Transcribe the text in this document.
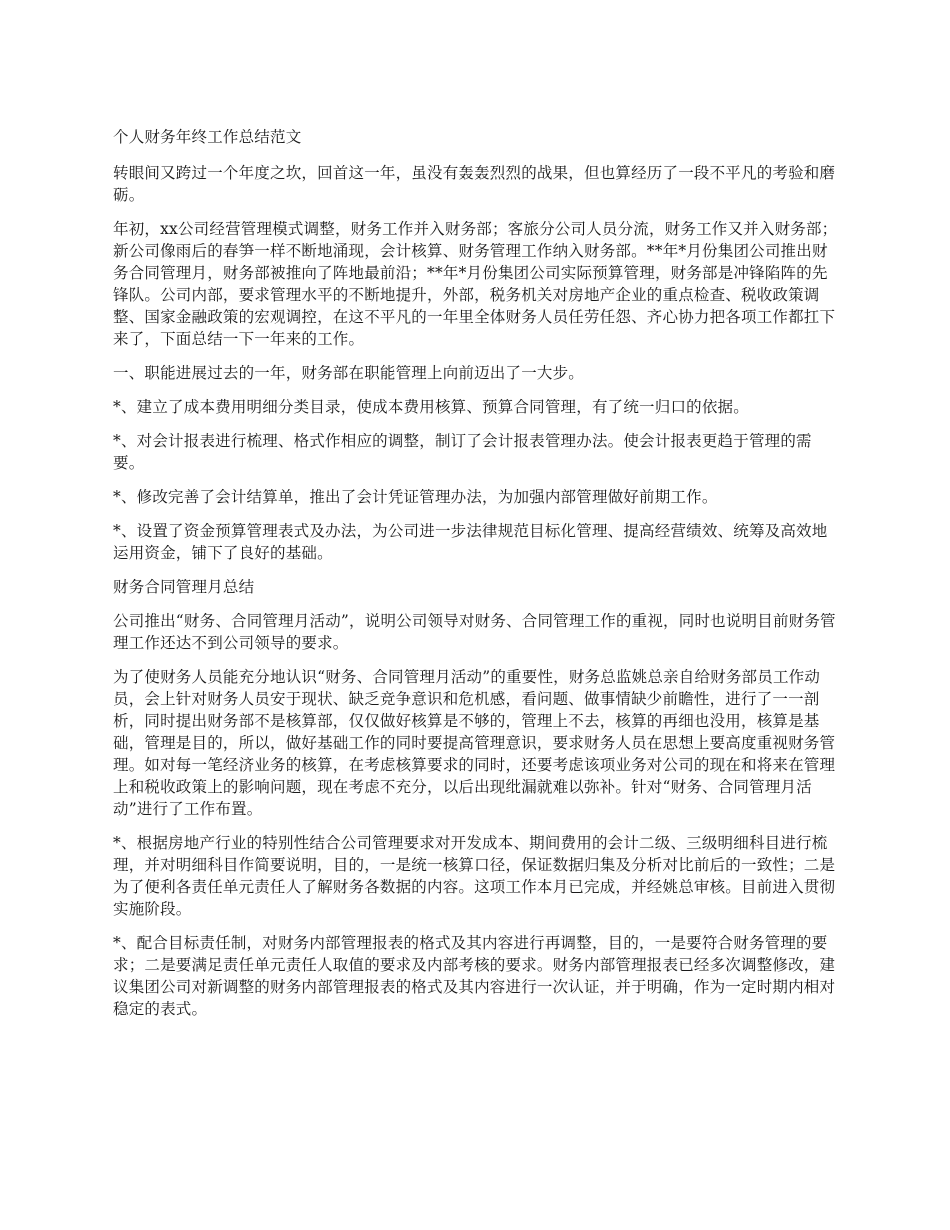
个人财务年终工作总结范文

转眼间又跨过一个年度之坎，回首这一年，虽没有轰轰烈烈的战果，但也算经历了一段不平凡的考验和磨砺。

年初，xx公司经营管理模式调整，财务工作并入财务部；客旅分公司人员分流，财务工作又并入财务部；新公司像雨后的春笋一样不断地涌现，会计核算、财务管理工作纳入财务部。**年*月份集团公司推出财务合同管理月，财务部被推向了阵地最前沿；**年*月份集团公司实际预算管理，财务部是冲锋陷阵的先锋队。公司内部，要求管理水平的不断地提升，外部，税务机关对房地产企业的重点检查、税收政策调整、国家金融政策的宏观调控，在这不平凡的一年里全体财务人员任劳任怨、齐心协力把各项工作都扛下来了，下面总结一下一年来的工作。

一、职能进展过去的一年，财务部在职能管理上向前迈出了一大步。

*、建立了成本费用明细分类目录，使成本费用核算、预算合同管理，有了统一归口的依据。

*、对会计报表进行梳理、格式作相应的调整，制订了会计报表管理办法。使会计报表更趋于管理的需要。

*、修改完善了会计结算单，推出了会计凭证管理办法，为加强内部管理做好前期工作。

*、设置了资金预算管理表式及办法，为公司进一步法律规范目标化管理、提高经营绩效、统筹及高效地运用资金，铺下了良好的基础。

财务合同管理月总结

公司推出“财务、合同管理月活动”，说明公司领导对财务、合同管理工作的重视，同时也说明目前财务管理工作还达不到公司领导的要求。

为了使财务人员能充分地认识“财务、合同管理月活动”的重要性，财务总监姚总亲自给财务部员工作动员，会上针对财务人员安于现状、缺乏竞争意识和危机感，看问题、做事情缺少前瞻性，进行了一一剖析，同时提出财务部不是核算部，仅仅做好核算是不够的，管理上不去，核算的再细也没用，核算是基础，管理是目的，所以，做好基础工作的同时要提高管理意识，要求财务人员在思想上要高度重视财务管理。如对每一笔经济业务的核算，在考虑核算要求的同时，还要考虑该项业务对公司的现在和将来在管理上和税收政策上的影响问题，现在考虑不充分，以后出现纰漏就难以弥补。针对“财务、合同管理月活动”进行了工作布置。

*、根据房地产行业的特别性结合公司管理要求对开发成本、期间费用的会计二级、三级明细科目进行梳理，并对明细科目作简要说明，目的，一是统一核算口径，保证数据归集及分析对比前后的一致性；二是为了便利各责任单元责任人了解财务各数据的内容。这项工作本月已完成，并经姚总审核。目前进入贯彻实施阶段。

*、配合目标责任制，对财务内部管理报表的格式及其内容进行再调整，目的，一是要符合财务管理的要求；二是要满足责任单元责任人取值的要求及内部考核的要求。财务内部管理报表已经多次调整修改，建议集团公司对新调整的财务内部管理报表的格式及其内容进行一次认证，并于明确，作为一定时期内相对稳定的表式。
